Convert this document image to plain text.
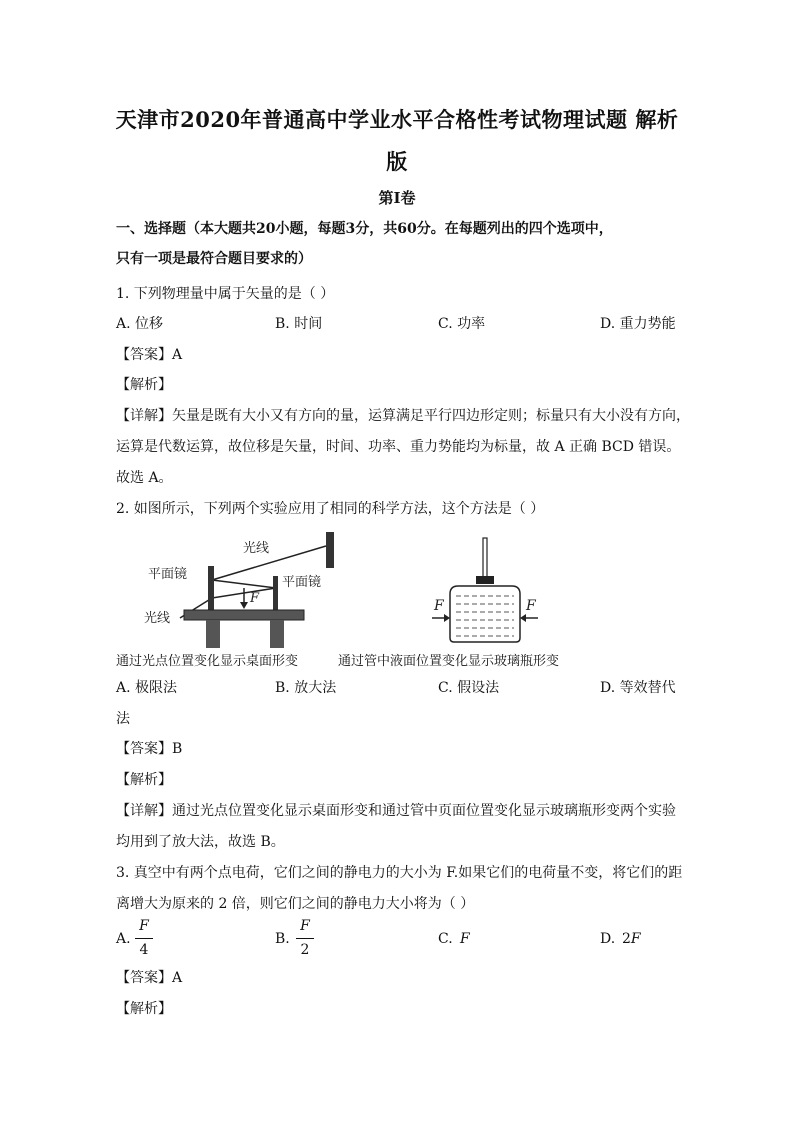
天津市2020年普通高中学业水平合格性考试物理试题 解析
版
第Ⅰ卷
一、选择题（本大题共20小题，每题3分，共60分。在每题列出的四个选项中，
只有一项是最符合题目要求的）
1. 下列物理量中属于矢量的是（ ）
A. 位移	B. 时间	C. 功率	D. 重力势能
【答案】A
【解析】
【详解】矢量是既有大小又有方向的量，运算满足平行四边形定则；标量只有大小没有方向，
运算是代数运算，故位移是矢量，时间、功率、重力势能均为标量，故 A 正确 BCD 错误。
故选 A。
2. 如图所示，下列两个实验应用了相同的科学方法，这个方法是（ ）
光线
平面镜
平面镜
F
光线
F	F
通过光点位置变化显示桌面形变	通过管中液面位置变化显示玻璃瓶形变
A. 极限法	B. 放大法	C. 假设法	D. 等效替代
法
【答案】B
【解析】
【详解】通过光点位置变化显示桌面形变和通过管中页面位置变化显示玻璃瓶形变两个实验
均用到了放大法，故选 B。
3. 真空中有两个点电荷，它们之间的静电力的大小为 F.如果它们的电荷量不变，将它们的距
离增大为原来的 2 倍，则它们之间的静电力大小将为（ ）
A.
F
4
B.
F
2
C. F	D. 2F
【答案】A
【解析】
